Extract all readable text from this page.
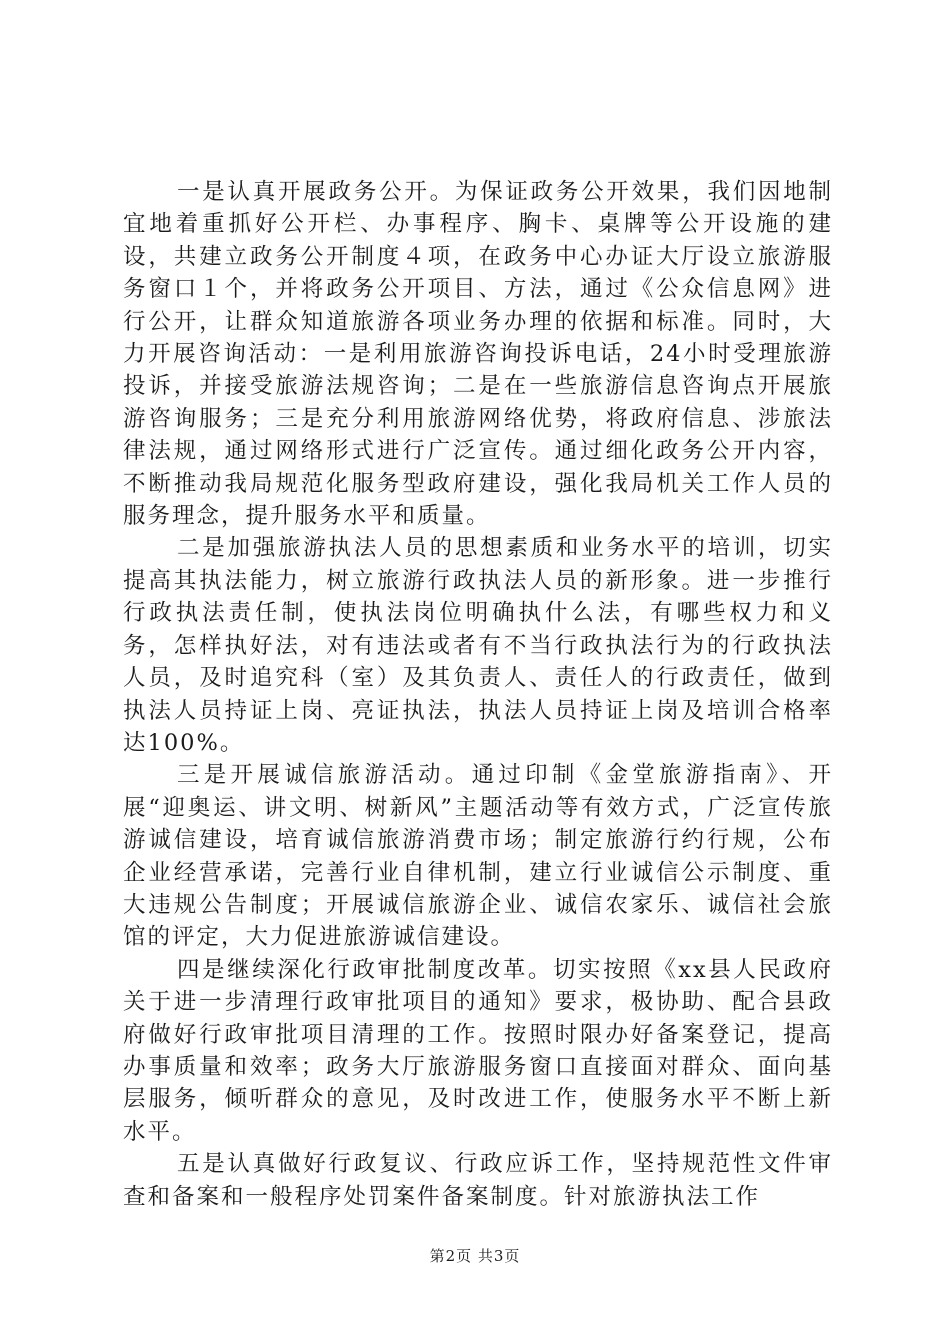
一是认真开展政务公开。为保证政务公开效果，我们因地制宜地着重抓好公开栏、办事程序、胸卡、桌牌等公开设施的建设，共建立政务公开制度４项，在政务中心办证大厅设立旅游服务窗口１个，并将政务公开项目、方法，通过《公众信息网》进行公开，让群众知道旅游各项业务办理的依据和标准。同时，大力开展咨询活动：一是利用旅游咨询投诉电话，24小时受理旅游投诉，并接受旅游法规咨询；二是在一些旅游信息咨询点开展旅游咨询服务；三是充分利用旅游网络优势，将政府信息、涉旅法律法规，通过网络形式进行广泛宣传。通过细化政务公开内容，不断推动我局规范化服务型政府建设，强化我局机关工作人员的服务理念，提升服务水平和质量。

二是加强旅游执法人员的思想素质和业务水平的培训，切实提高其执法能力，树立旅游行政执法人员的新形象。进一步推行行政执法责任制，使执法岗位明确执什么法，有哪些权力和义务，怎样执好法，对有违法或者有不当行政执法行为的行政执法人员，及时追究科（室）及其负责人、责任人的行政责任，做到执法人员持证上岗、亮证执法，执法人员持证上岗及培训合格率达100%。

三是开展诚信旅游活动。通过印制《金堂旅游指南》、开展“迎奥运、讲文明、树新风”主题活动等有效方式，广泛宣传旅游诚信建设，培育诚信旅游消费市场；制定旅游行约行规，公布企业经营承诺，完善行业自律机制，建立行业诚信公示制度、重大违规公告制度；开展诚信旅游企业、诚信农家乐、诚信社会旅馆的评定，大力促进旅游诚信建设。

四是继续深化行政审批制度改革。切实按照《xx县人民政府关于进一步清理行政审批项目的通知》要求，极协助、配合县政府做好行政审批项目清理的工作。按照时限办好备案登记，提高办事质量和效率；政务大厅旅游服务窗口直接面对群众、面向基层服务，倾听群众的意见，及时改进工作，使服务水平不断上新水平。

五是认真做好行政复议、行政应诉工作，坚持规范性文件审查和备案和一般程序处罚案件备案制度。针对旅游执法工作

第2页 共3页
